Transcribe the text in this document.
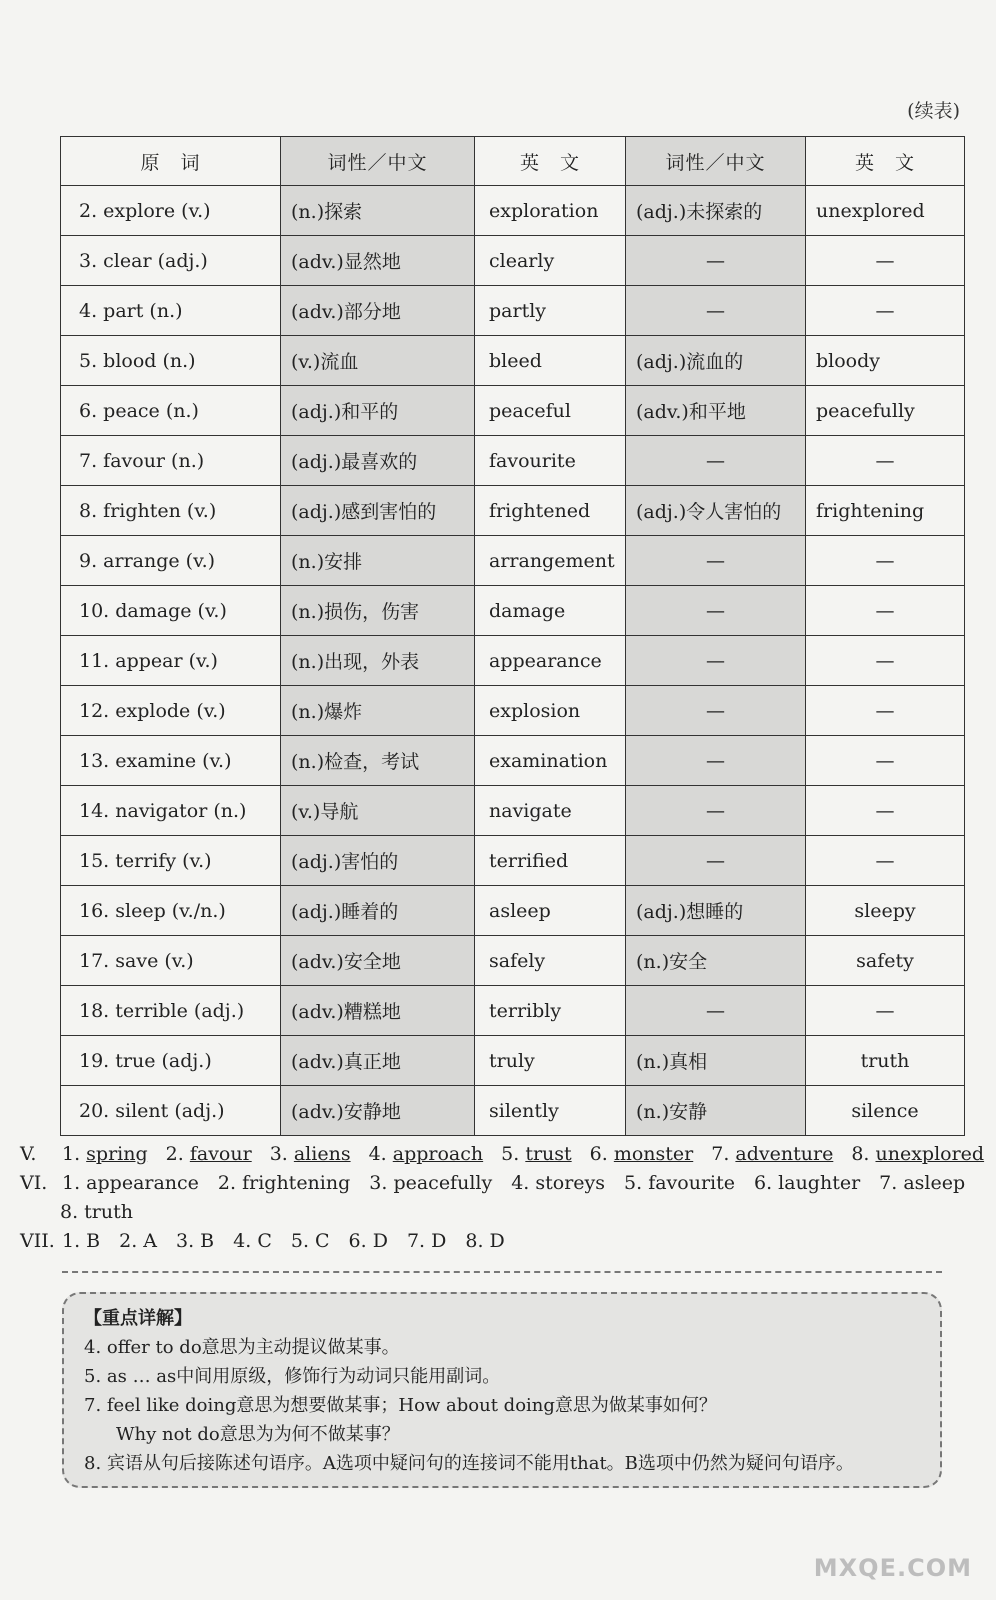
(续表)
原　词	词性／中文	英　文	词性／中文	英　文
2. explore (v.)	(n.)探索	exploration	(adj.)未探索的	unexplored
3. clear (adj.)	(adv.)显然地	clearly	—	—
4. part (n.)	(adv.)部分地	partly	—	—
5. blood (n.)	(v.)流血	bleed	(adj.)流血的	bloody
6. peace (n.)	(adj.)和平的	peaceful	(adv.)和平地	peacefully
7. favour (n.)	(adj.)最喜欢的	favourite	—	—
8. frighten (v.)	(adj.)感到害怕的	frightened	(adj.)令人害怕的	frightening
9. arrange (v.)	(n.)安排	arrangement	—	—
10. damage (v.)	(n.)损伤，伤害	damage	—	—
11. appear (v.)	(n.)出现，外表	appearance	—	—
12. explode (v.)	(n.)爆炸	explosion	—	—
13. examine (v.)	(n.)检查，考试	examination	—	—
14. navigator (n.)	(v.)导航	navigate	—	—
15. terrify (v.)	(adj.)害怕的	terrified	—	—
16. sleep (v./n.)	(adj.)睡着的	asleep	(adj.)想睡的	sleepy
17. save (v.)	(adv.)安全地	safely	(n.)安全	safety
18. terrible (adj.)	(adv.)糟糕地	terribly	—	—
19. true (adj.)	(adv.)真正地	truly	(n.)真相	truth
20. silent (adj.)	(adv.)安静地	silently	(n.)安静	silence
V. 1. spring 2. favour 3. aliens 4. approach 5. trust 6. monster 7. adventure 8. unexplored
VI. 1. appearance　2. frightening　3. peacefully　4. storeys　5. favourite　6. laughter　7. asleep
8. truth
VII. 1. B　2. A　3. B　4. C　5. C　6. D　7. D　8. D
【重点详解】
4. offer to do意思为主动提议做某事。
5. as … as中间用原级，修饰行为动词只能用副词。
7. feel like doing意思为想要做某事；How about doing意思为做某事如何？
Why not do意思为为何不做某事？
8. 宾语从句后接陈述句语序。A选项中疑问句的连接词不能用that。B选项中仍然为疑问句语序。
MXQE.COM
